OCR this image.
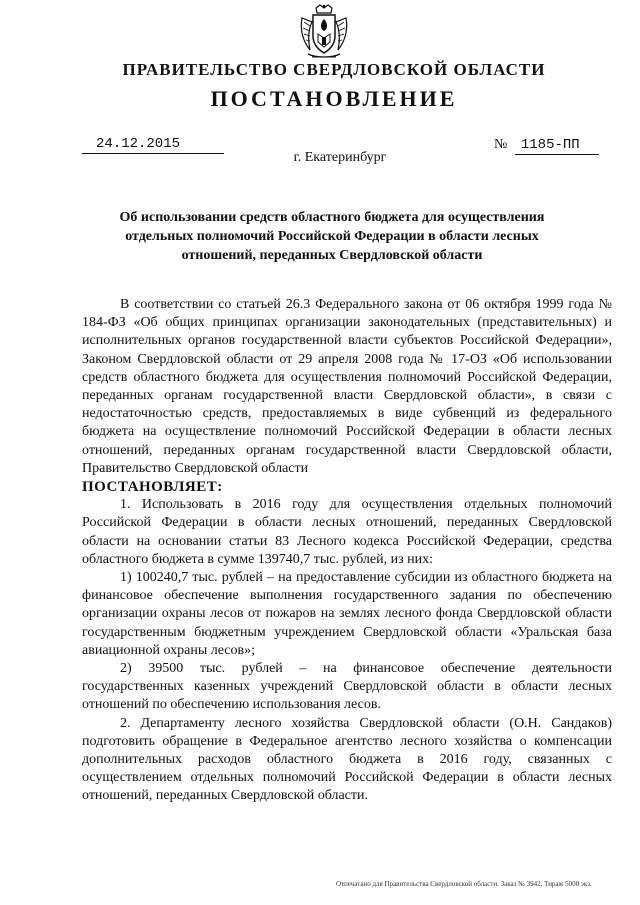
ПРАВИТЕЛЬСТВО СВЕРДЛОВСКОЙ ОБЛАСТИ
ПОСТАНОВЛЕНИЕ
24.12.2015	№ 1185-ПП
г. Екатеринбург
Об использовании средств областного бюджета для осуществления отдельных полномочий Российской Федерации в области лесных отношений, переданных Свердловской области

В соответствии со статьей 26.3 Федерального закона от 06 октября 1999 года № 184-ФЗ «Об общих принципах организации законодательных (представительных) и исполнительных органов государственной власти субъектов Российской Федерации», Законом Свердловской области от 29 апреля 2008 года № 17-ОЗ «Об использовании средств областного бюджета для осуществления полномочий Российской Федерации, переданных органам государственной власти Свердловской области», в связи с недостаточностью средств, предоставляемых в виде субвенций из федерального бюджета на осуществление полномочий Российской Федерации в области лесных отношений, переданных органам государственной власти Свердловской области, Правительство Свердловской области

ПОСТАНОВЛЯЕТ:

1. Использовать в 2016 году для осуществления отдельных полномочий Российской Федерации в области лесных отношений, переданных Свердловской области на основании статьи 83 Лесного кодекса Российской Федерации, средства областного бюджета в сумме 139740,7 тыс. рублей, из них:

1) 100240,7 тыс. рублей – на предоставление субсидии из областного бюджета на финансовое обеспечение выполнения государственного задания по обеспечению организации охраны лесов от пожаров на землях лесного фонда Свердловской области государственным бюджетным учреждением Свердловской области «Уральская база авиационной охраны лесов»;

2) 39500 тыс. рублей – на финансовое обеспечение деятельности государственных казенных учреждений Свердловской области в области лесных отношений по обеспечению использования лесов.

2. Департаменту лесного хозяйства Свердловской области (О.Н. Сандаков) подготовить обращение в Федеральное агентство лесного хозяйства о компенсации дополнительных расходов областного бюджета в 2016 году, связанных с осуществлением отдельных полномочий Российской Федерации в области лесных отношений, переданных Свердловской области.

Отпечатано для Правительства Свердловской области. Заказ № 3942. Тираж 5000 экз.
